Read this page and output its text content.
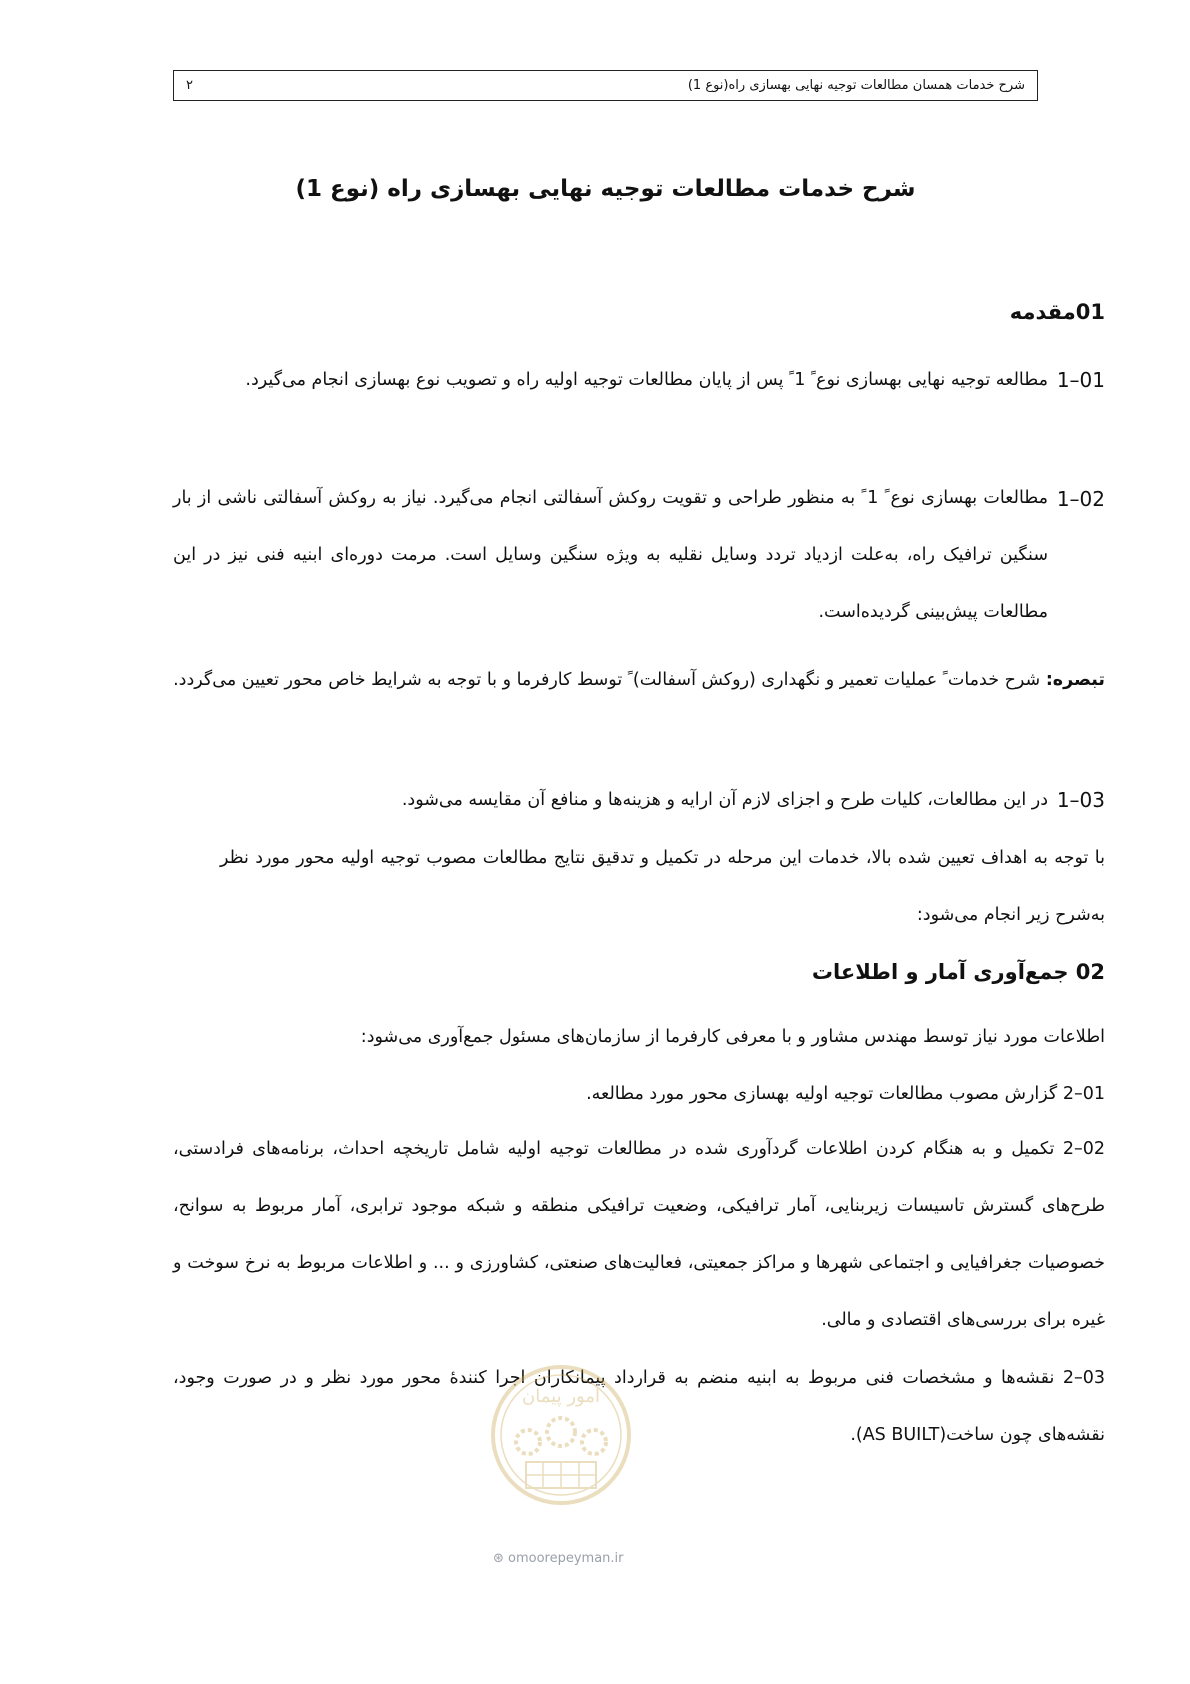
شرح خدمات همسان مطالعات توجیه نهایی بهسازی راه(نوع 1)
۲
شرح خدمات مطالعات توجیه نهایی بهسازی راه (نوع 1)
01مقدمه
01–1
مطالعه توجیه نهایی بهسازی نوع ً 1 ً پس از پایان مطالعات توجیه اولیه راه و تصویب نوع بهسازی انجام می‌گیرد.
02–1
مطالعات بهسازی نوع ً 1 ً به منظور طراحی و تقویت روکش آسفالتی انجام می‌گیرد. نیاز به روکش آسفالتی ناشی از بار سنگین ترافیک راه، به‌علت ازدیاد تردد وسایل نقلیه به ویژه سنگین وسایل است. مرمت دوره‌ای ابنیه فنی نیز در این مطالعات پیش‌بینی گردیده‌است.
تبصره: شرح خدمات ً عملیات تعمیر و نگهداری (روکش آسفالت) ً توسط کارفرما و با توجه به شرایط خاص محور تعیین می‌گردد.
03–1
در این مطالعات، کلیات طرح و اجزای لازم آن ارایه و هزینه‌ها و منافع آن مقایسه می‌شود.
با توجه به اهداف تعیین شده بالا، خدمات این مرحله در تکمیل و تدقیق نتایج مطالعات مصوب توجیه اولیه محور مورد نظر به‌شرح زیر انجام می‌شود:
02 جمع‌آوری آمار و اطلاعات
اطلاعات مورد نیاز توسط مهندس مشاور و با معرفی کارفرما از سازمان‌های مسئول جمع‌آوری می‌شود:
01–2 گزارش مصوب مطالعات توجیه اولیه بهسازی محور مورد مطالعه.
02–2 تکمیل و به هنگام کردن اطلاعات گردآوری شده در مطالعات توجیه اولیه شامل تاریخچه احداث، برنامه‌های فرادستی، طرح‌های گسترش تاسیسات زیربنایی، آمار ترافیکی، وضعیت ترافیکی منطقه و شبکه موجود ترابری، آمار مربوط به سوانح، خصوصیات جغرافیایی و اجتماعی شهرها و مراکز جمعیتی، فعالیت‌های صنعتی، کشاورزی و ... و اطلاعات مربوط به نرخ سوخت و غیره برای بررسی‌های اقتصادی و مالی.
03–2 نقشه‌ها و مشخصات فنی مربوط به ابنیه منضم به قرارداد پیمانکاران اجرا کنندهٔ محور مورد نظر و در صورت وجود، نقشه‌های چون ساخت(AS BUILT).
امور پیمان
⊛ omoorepeyman.ir
